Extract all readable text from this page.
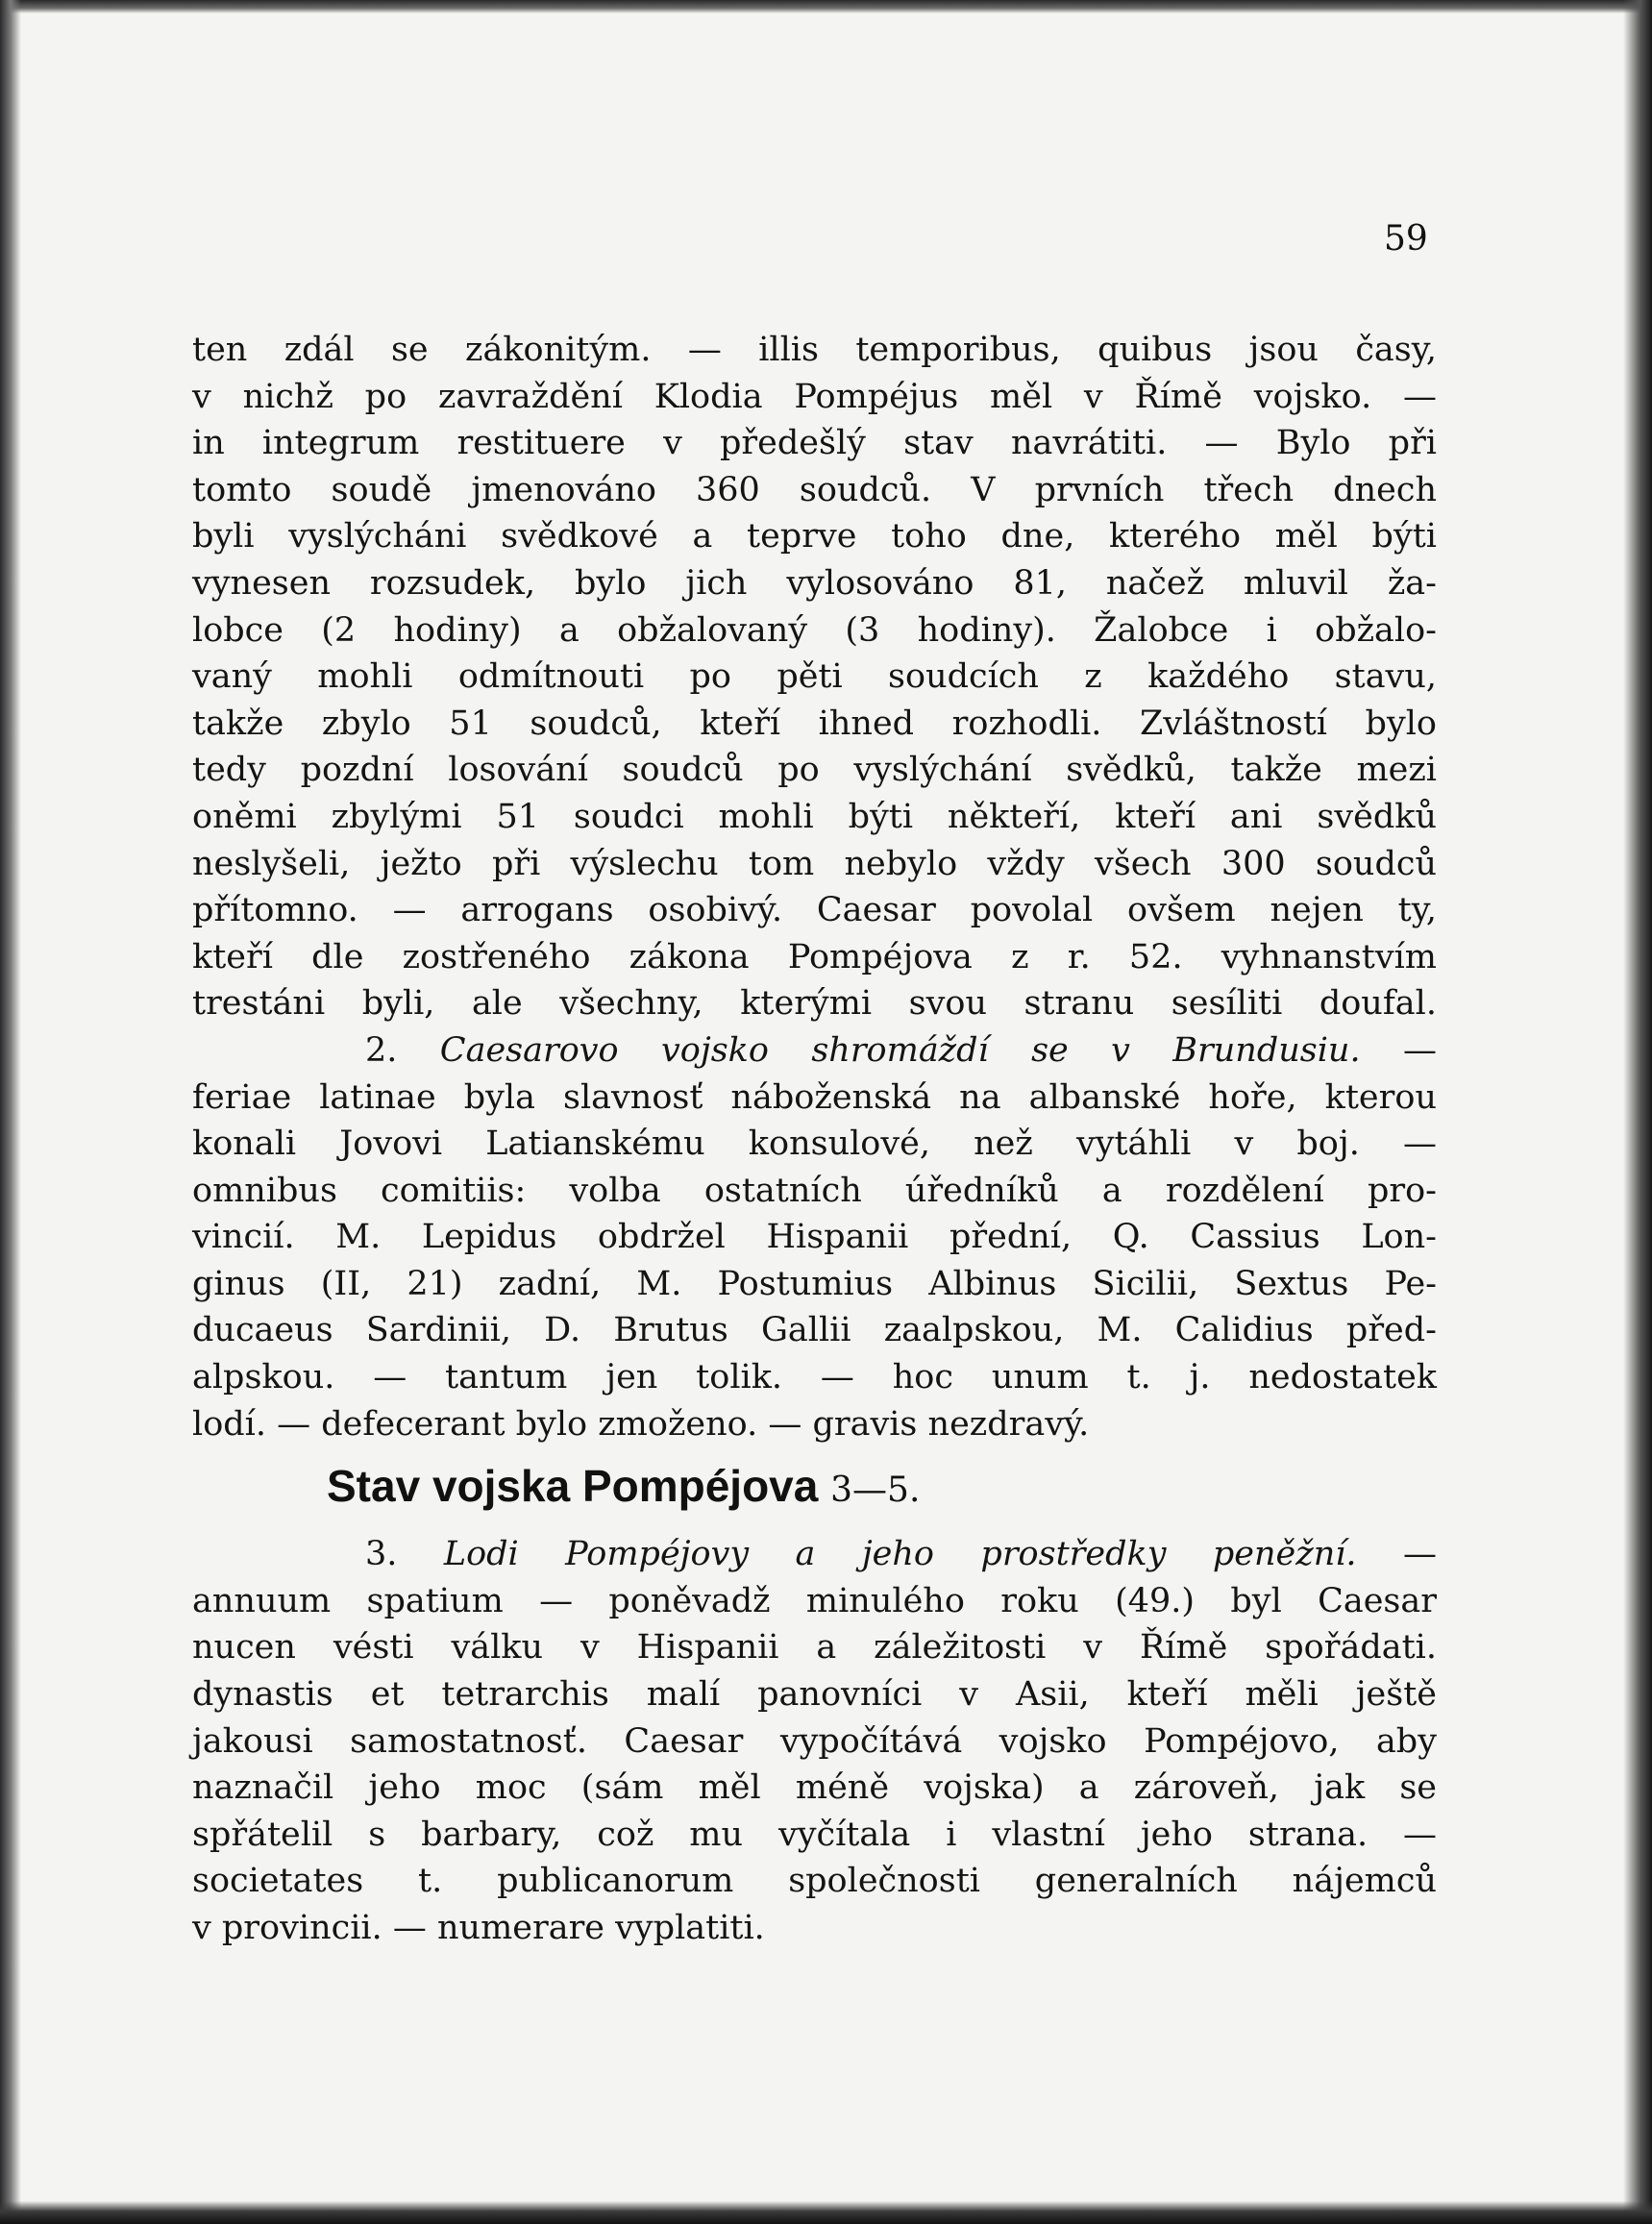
59

ten zdál se zákonitým. — illis temporibus, quibus jsou časy,
v nichž po zavraždění Klodia Pompéjus měl v Římě vojsko. —
in integrum restituere v předešlý stav navrátiti. — Bylo při
tomto soudě jmenováno 360 soudců. V prvních třech dnech
byli vyslýcháni svědkové a teprve toho dne, kterého měl býti
vynesen rozsudek, bylo jich vylosováno 81, načež mluvil ža-
lobce (2 hodiny) a obžalovaný (3 hodiny). Žalobce i obžalo-
vaný mohli odmítnouti po pěti soudcích z každého stavu,
takže zbylo 51 soudců, kteří ihned rozhodli. Zvláštností bylo
tedy pozdní losování soudců po vyslýchání svědků, takže mezi
oněmi zbylými 51 soudci mohli býti někteří, kteří ani svědků
neslyšeli, ježto při výslechu tom nebylo vždy všech 300 soudců
přítomno. — arrogans osobivý. Caesar povolal ovšem nejen ty,
kteří dle zostřeného zákona Pompéjova z r. 52. vyhnanstvím
trestáni byli, ale všechny, kterými svou stranu sesíliti doufal.

2. Caesarovo vojsko shromáždí se v Brundusiu. —
feriae latinae byla slavnosť náboženská na albanské hoře, kterou
konali Jovovi Latianskému konsulové, než vytáhli v boj. —
omnibus comitiis: volba ostatních úředníků a rozdělení pro-
vincií. M. Lepidus obdržel Hispanii přední, Q. Cassius Lon-
ginus (II, 21) zadní, M. Postumius Albinus Sicilii, Sextus Pe-
ducaeus Sardinii, D. Brutus Gallii zaalpskou, M. Calidius před-
alpskou. — tantum jen tolik. — hoc unum t. j. nedostatek
lodí. — defecerant bylo zmoženo. — gravis nezdravý.

Stav vojska Pompéjova 3—5.

3. Lodi Pompéjovy a jeho prostředky peněžní. —
annuum spatium — poněvadž minulého roku (49.) byl Caesar
nucen vésti válku v Hispanii a záležitosti v Římě spořádati.
dynastis et tetrarchis malí panovníci v Asii, kteří měli ještě
jakousi samostatnosť. Caesar vypočítává vojsko Pompéjovo, aby
naznačil jeho moc (sám měl méně vojska) a zároveň, jak se
spřátelil s barbary, což mu vyčítala i vlastní jeho strana. —
societates t. publicanorum společnosti generalních nájemců
v provincii. — numerare vyplatiti.
